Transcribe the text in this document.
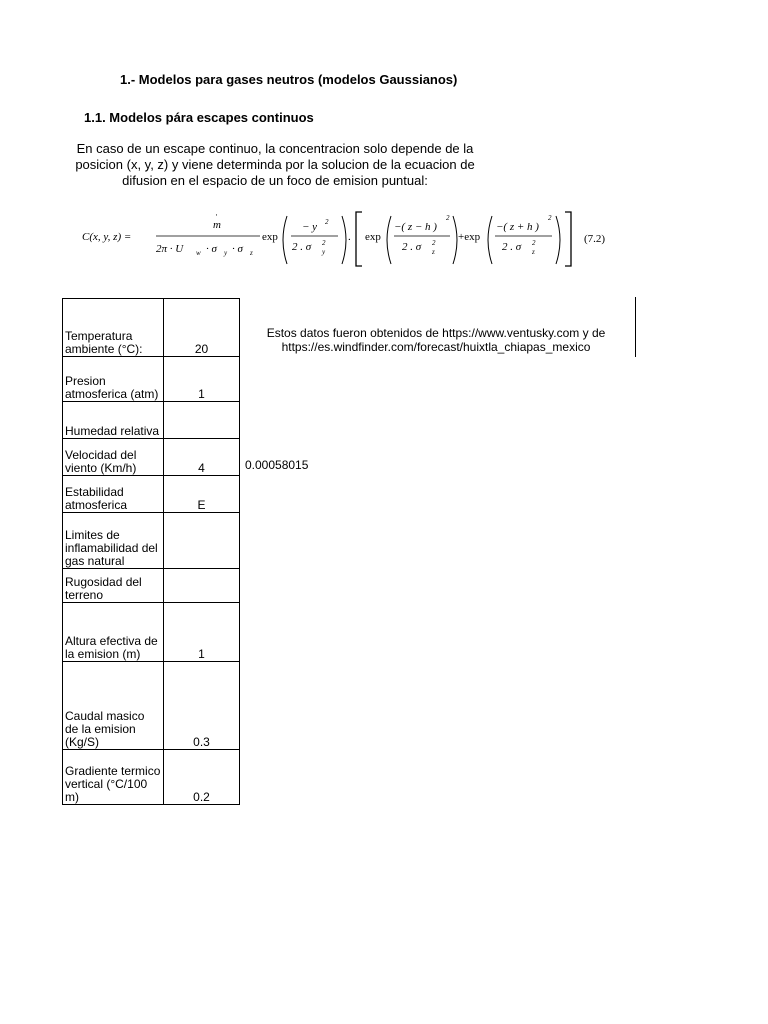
1.- Modelos para gases neutros (modelos Gaussianos)
1.1. Modelos pára escapes continuos
En caso de un escape continuo, la concentracion solo depende de la
posicion (x, y, z) y viene determinda por la solucion de la ecuacion de
difusion en el espacio de un foco de emision puntual:
C(x, y, z) =
m
·
2π · U w · σ y · σ z
exp
− y 2
2 . σ 2
y
. exp
−( z − h )
2
2 . σ 2
z
+exp
−( z + h )
2
2 . σ 2
z
(7.2)
Temperatura ambiente (°C):	20
Presion atmosferica (atm)	1
Humedad relativa	
Velocidad del viento (Km/h)	4
Estabilidad atmosferica	E
Limites de inflamabilidad del gas natural	
Rugosidad del terreno	
Altura efectiva de la emision (m)	1
Caudal masico de la emision (Kg/S)	0.3
Gradiente termico vertical (°C/100 m)	0.2
Estos datos fueron obtenidos de https://www.ventusky.com y de https://es.windfinder.com/forecast/huixtla_chiapas_mexico
0.00058015
